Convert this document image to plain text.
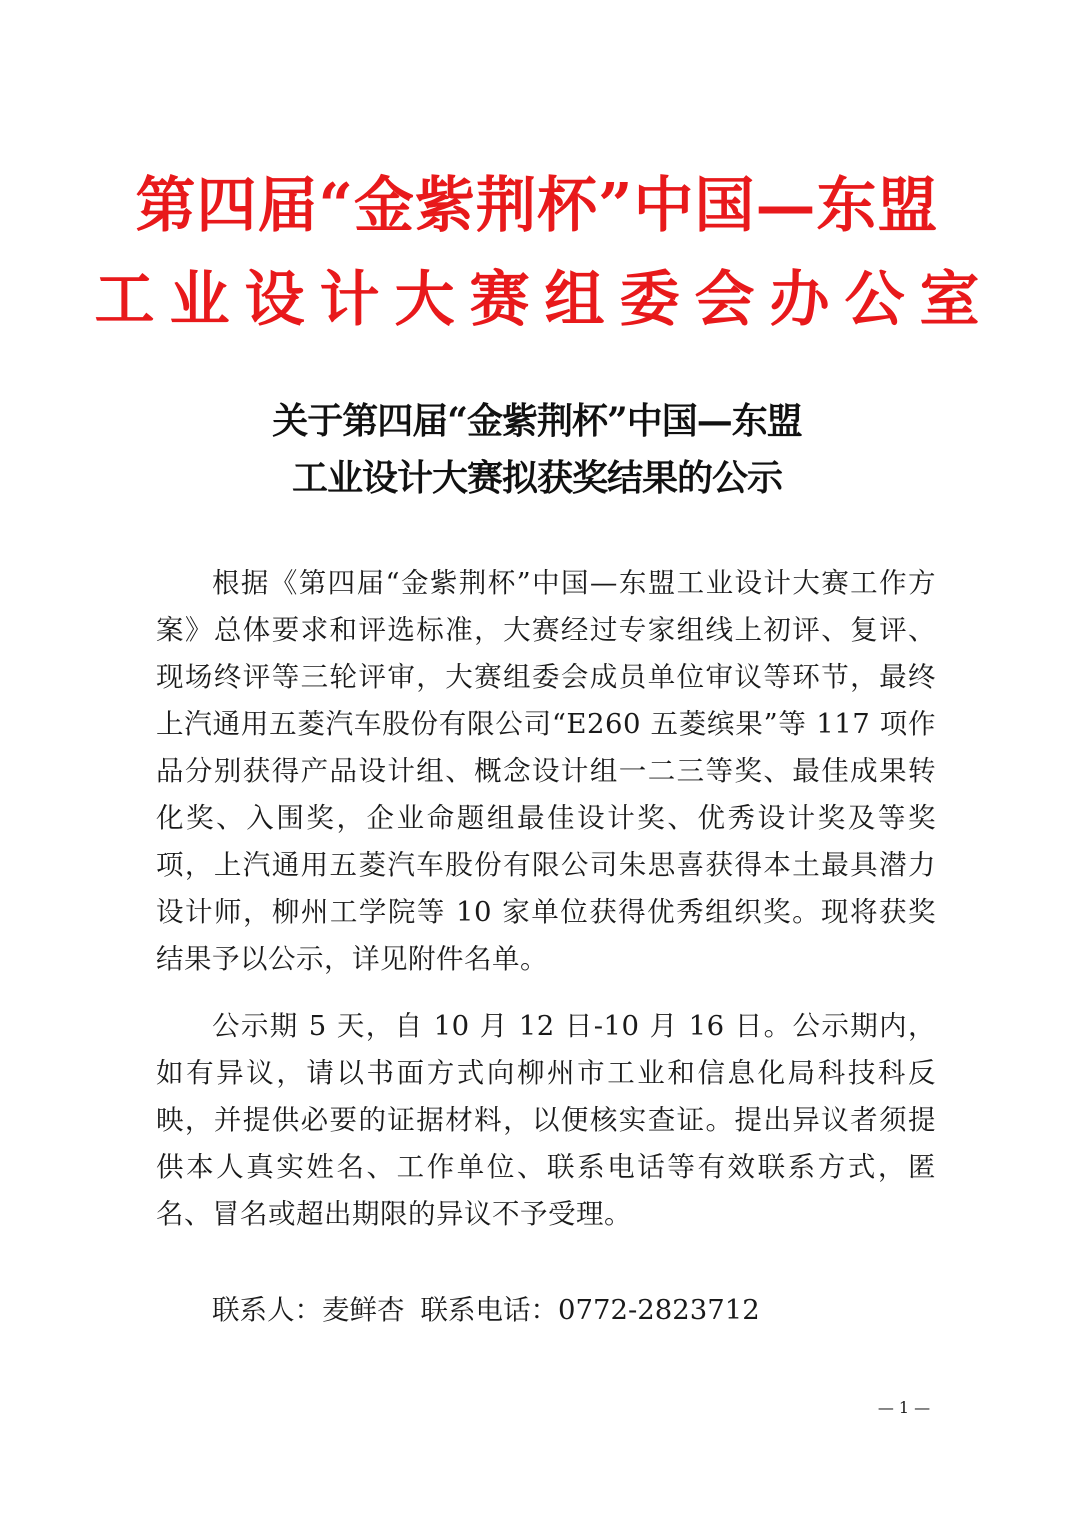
第四届“金紫荆杯”中国—东盟
工业设计大赛组委会办公室
关于第四届“金紫荆杯”中国—东盟
工业设计大赛拟获奖结果的公示

根据《第四届“金紫荆杯”中国—东盟工业设计大赛工作方案》总体要求和评选标准，大赛经过专家组线上初评、复评、现场终评等三轮评审，大赛组委会成员单位审议等环节，最终上汽通用五菱汽车股份有限公司“E260 五菱缤果”等 117 项作品分别获得产品设计组、概念设计组一二三等奖、最佳成果转化奖、入围奖，企业命题组最佳设计奖、优秀设计奖及等奖项，上汽通用五菱汽车股份有限公司朱思喜获得本土最具潜力设计师，柳州工学院等 10 家单位获得优秀组织奖。现将获奖结果予以公示，详见附件名单。

公示期 5 天，自 10 月 12 日-10 月 16 日。公示期内，如有异议，请以书面方式向柳州市工业和信息化局科技科反映，并提供必要的证据材料，以便核实查证。提出异议者须提供本人真实姓名、工作单位、联系电话等有效联系方式，匿名、冒名或超出期限的异议不予受理。

联系人：麦鲜杏 联系电话：0772-2823712
— 1 —
